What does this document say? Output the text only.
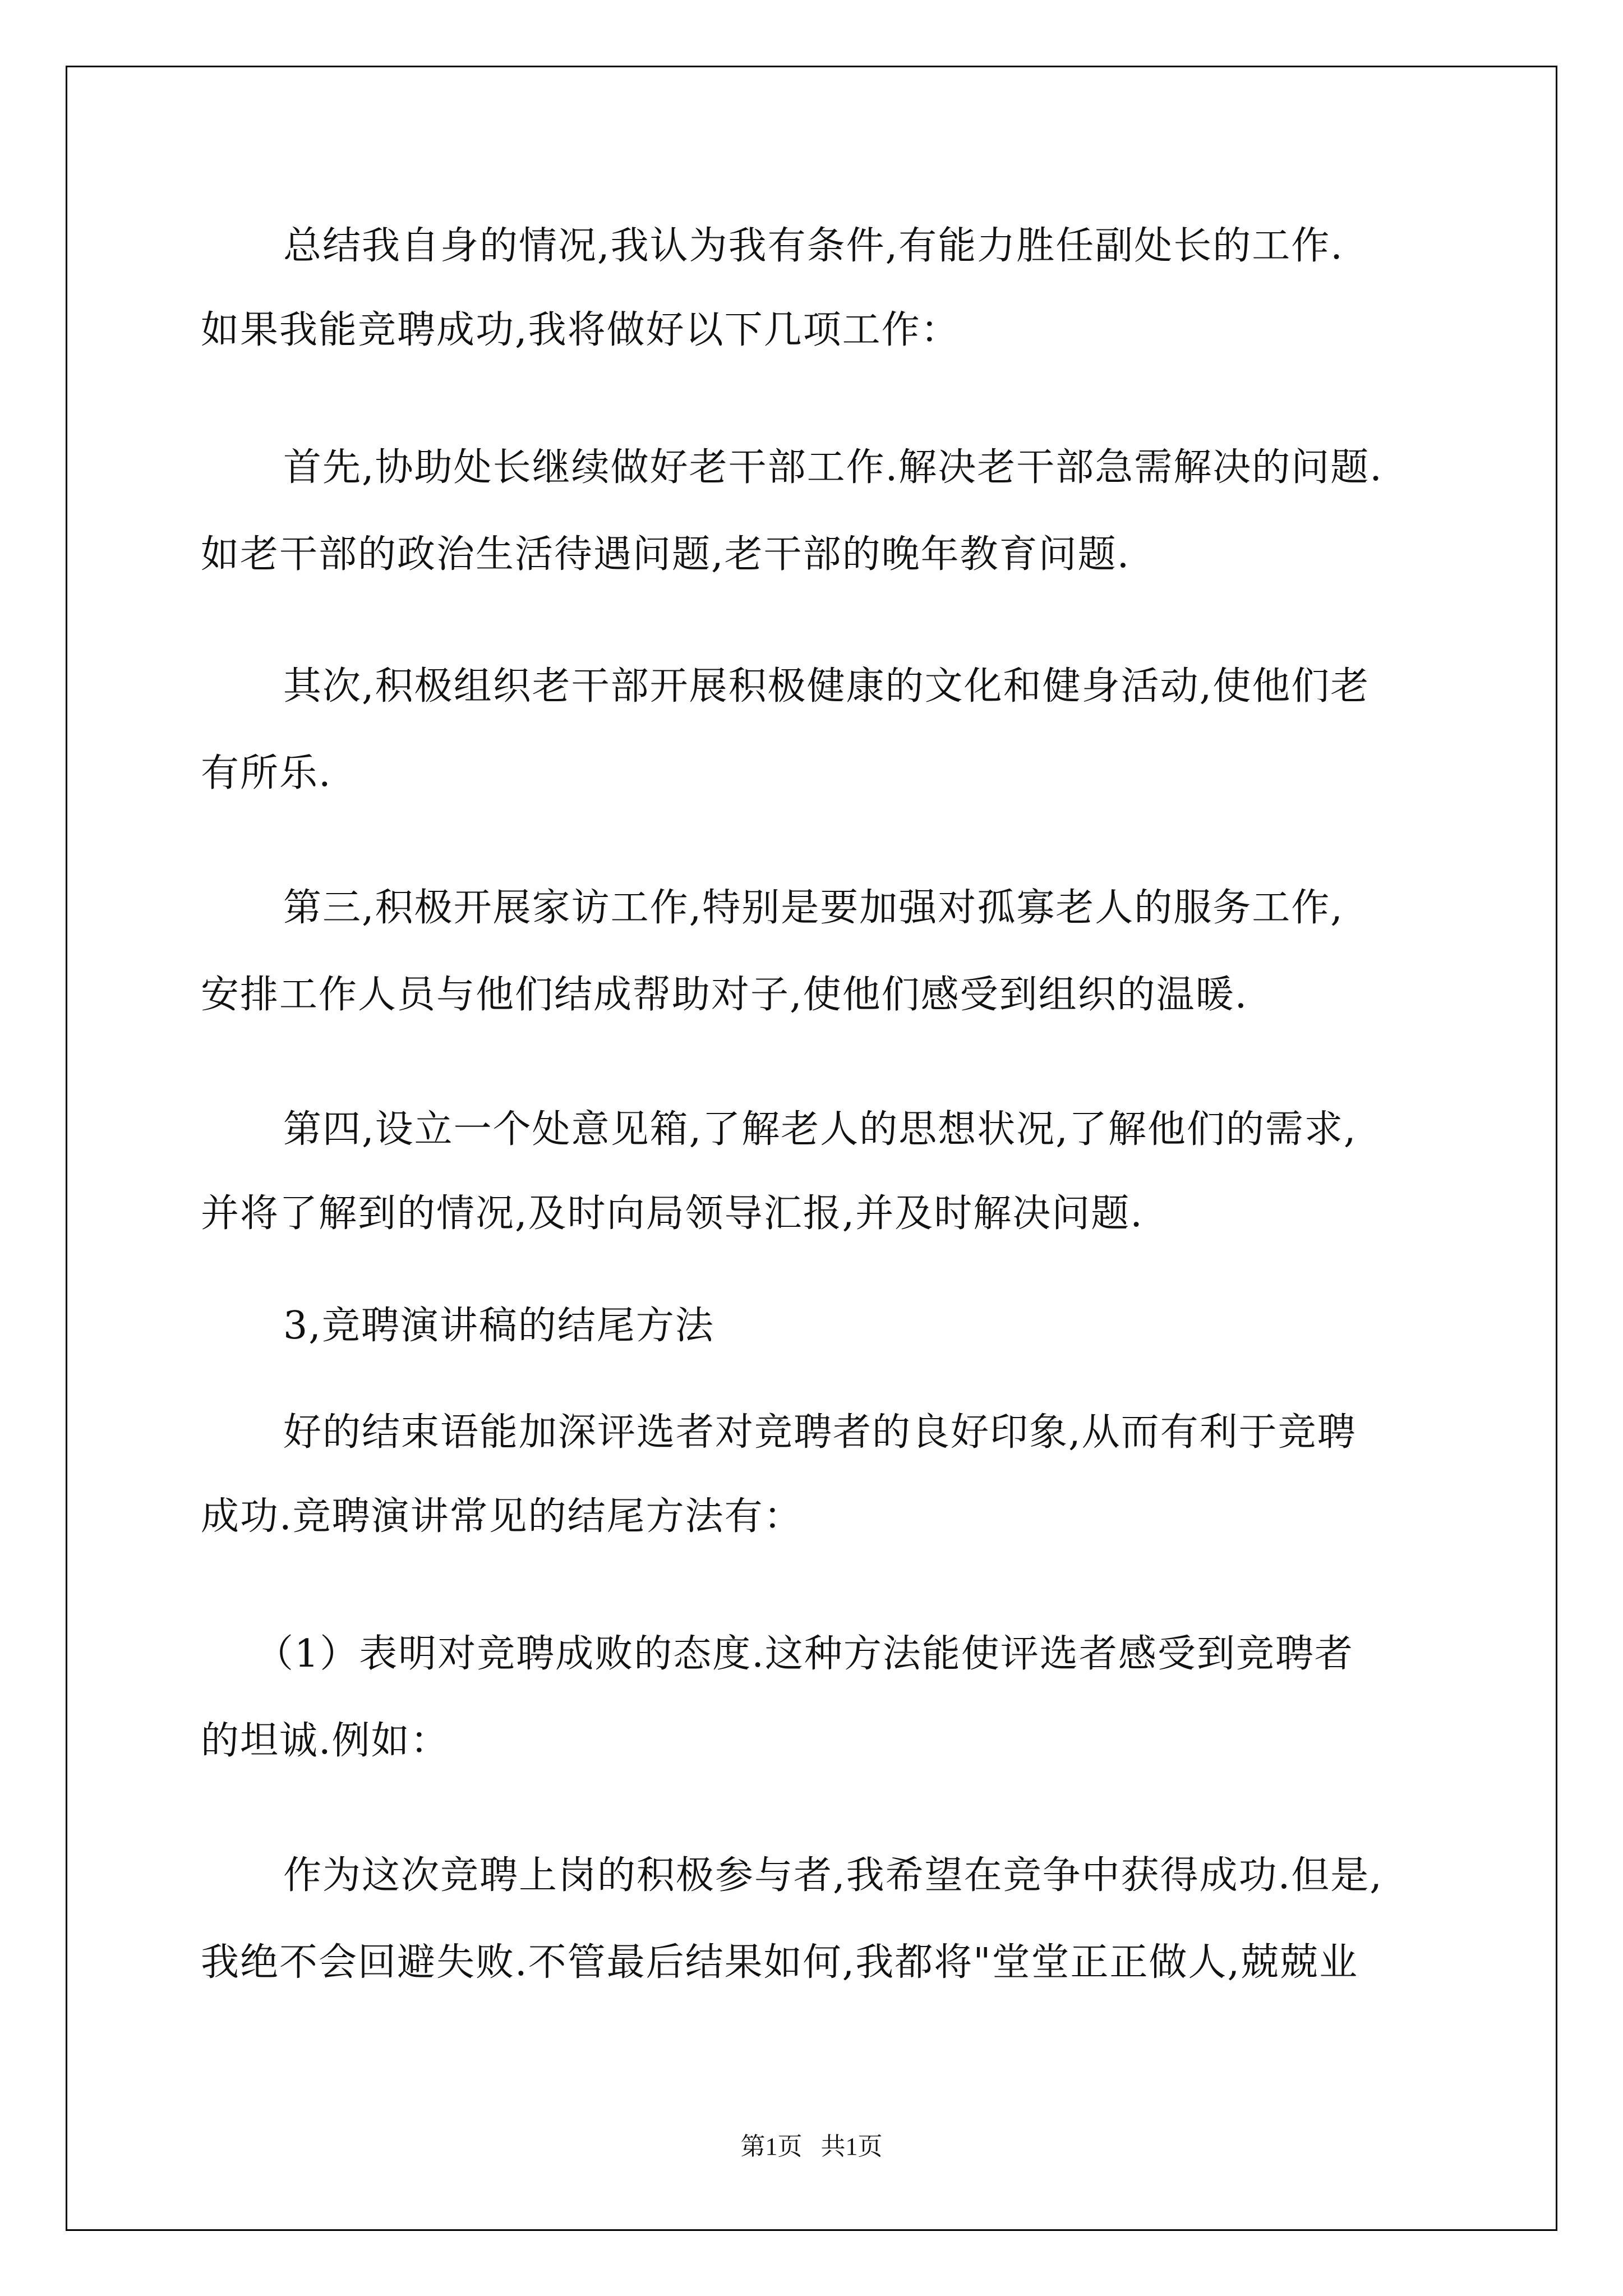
总结我自身的情况,我认为我有条件,有能力胜任副处长的工作.
如果我能竞聘成功,我将做好以下几项工作：
首先,协助处长继续做好老干部工作.解决老干部急需解决的问题.
如老干部的政治生活待遇问题,老干部的晚年教育问题.
其次,积极组织老干部开展积极健康的文化和健身活动,使他们老
有所乐.
第三,积极开展家访工作,特别是要加强对孤寡老人的服务工作,
安排工作人员与他们结成帮助对子,使他们感受到组织的温暖.
第四,设立一个处意见箱,了解老人的思想状况,了解他们的需求,
并将了解到的情况,及时向局领导汇报,并及时解决问题.
3,竞聘演讲稿的结尾方法
好的结束语能加深评选者对竞聘者的良好印象,从而有利于竞聘
成功.竞聘演讲常见的结尾方法有：
（1）表明对竞聘成败的态度.这种方法能使评选者感受到竞聘者
的坦诚.例如：
作为这次竞聘上岗的积极参与者,我希望在竞争中获得成功.但是,
我绝不会回避失败.不管最后结果如何,我都将"堂堂正正做人,兢兢业
第1页   共1页
